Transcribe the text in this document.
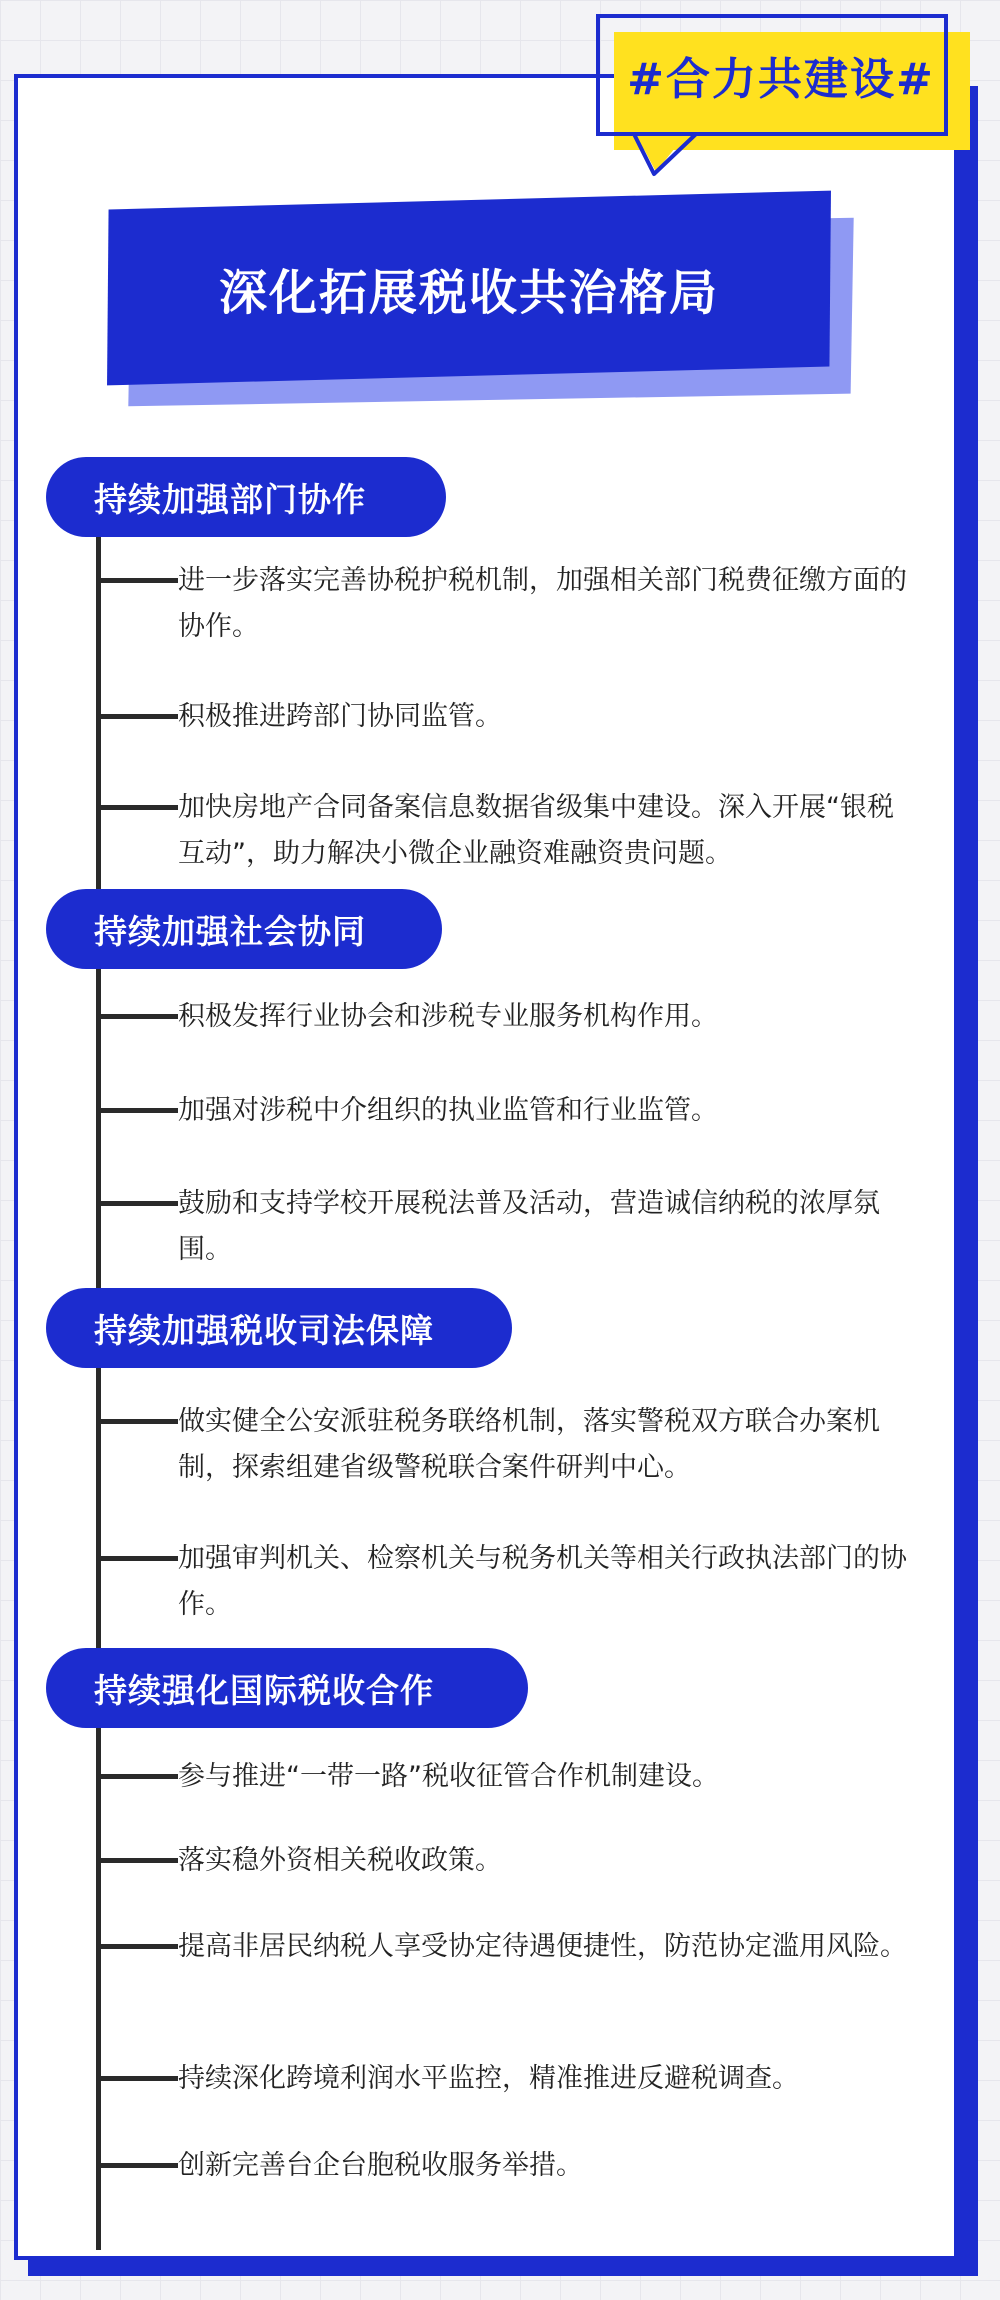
#合力共建设#
深化拓展税收共治格局
持续加强部门协作
进一步落实完善协税护税机制，加强相关部门税费征缴方面的协作。
积极推进跨部门协同监管。
加快房地产合同备案信息数据省级集中建设。深入开展“银税互动”，助力解决小微企业融资难融资贵问题。
持续加强社会协同
积极发挥行业协会和涉税专业服务机构作用。
加强对涉税中介组织的执业监管和行业监管。
鼓励和支持学校开展税法普及活动，营造诚信纳税的浓厚氛围。
持续加强税收司法保障
做实健全公安派驻税务联络机制，落实警税双方联合办案机制，探索组建省级警税联合案件研判中心。
加强审判机关、检察机关与税务机关等相关行政执法部门的协作。
持续强化国际税收合作
参与推进“一带一路”税收征管合作机制建设。
落实稳外资相关税收政策。
提高非居民纳税人享受协定待遇便捷性，防范协定滥用风险。
持续深化跨境利润水平监控，精准推进反避税调查。
创新完善台企台胞税收服务举措。
